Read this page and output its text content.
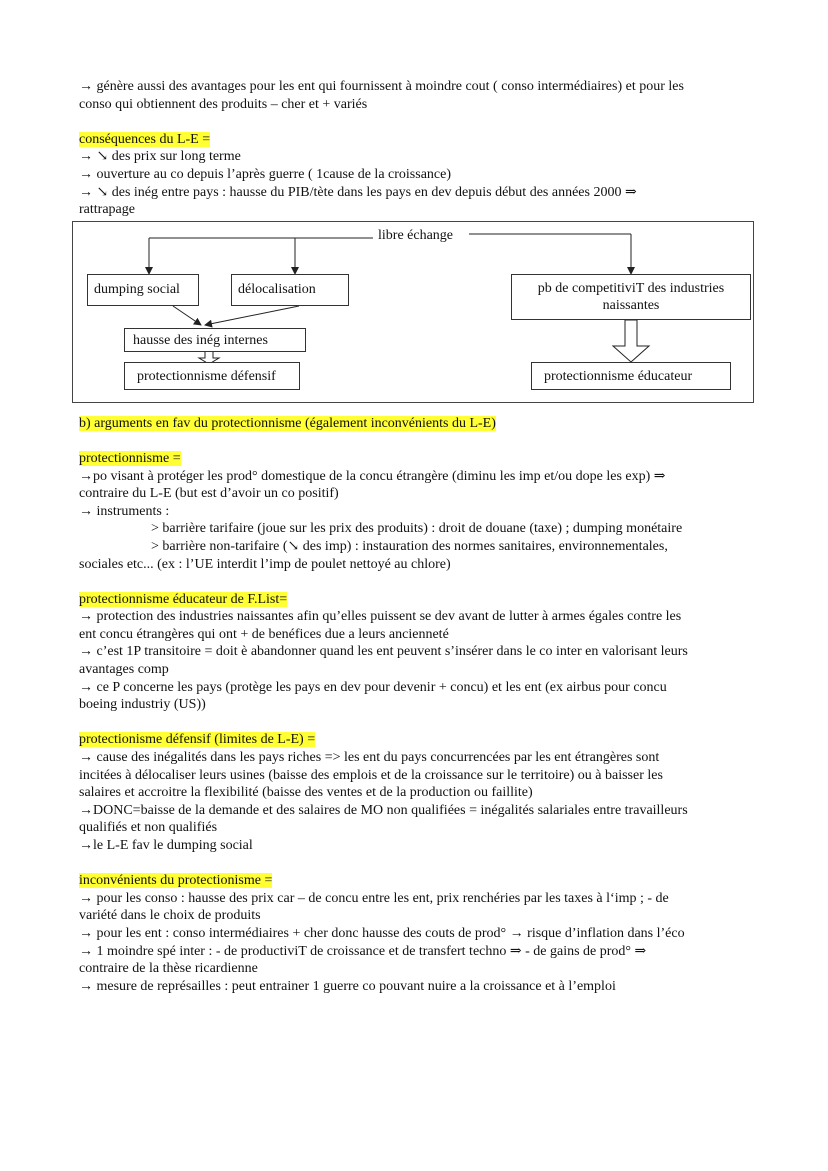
→ génère aussi des avantages pour les ent qui fournissent à moindre cout ( conso intermédiaires) et pour les
conso qui obtiennent des produits – cher et + variés
conséquences du L-E =
→ ↘ des prix sur long terme
→ ouverture au co depuis l’après guerre ( 1cause de la croissance)
→ ↘ des inég entre pays : hausse du PIB/tète dans les pays en dev depuis début des années 2000 ⇒
rattrapage
libre échange
dumping social	délocalisation	pb de competitiviT des industries naissantes
hausse des inég internes
protectionnisme défensif	protectionnisme éducateur
b) arguments en fav du protectionnisme (également inconvénients du L-E)
protectionnisme =
→po visant à protéger les prod° domestique de la concu étrangère (diminu les imp et/ou dope les exp) ⇒
contraire du L-E (but est d’avoir un co positif)
→ instruments :
> barrière tarifaire (joue sur les prix des produits) : droit de douane (taxe) ; dumping monétaire
> barrière non-tarifaire (↘ des imp) : instauration des normes sanitaires, environnementales,
sociales etc... (ex : l’UE interdit l’imp de poulet nettoyé au chlore)
protectionnisme éducateur de F.List=
→ protection des industries naissantes afin qu’elles puissent se dev avant de lutter à armes égales contre les
ent concu étrangères qui ont + de benéfices due a leurs ancienneté
→ c’est 1P transitoire = doit è abandonner quand les ent peuvent s’insérer dans le co inter en valorisant leurs
avantages comp
→ ce P concerne les pays (protège les pays en dev pour devenir + concu) et les ent (ex airbus pour concu
boeing industriy (US))
protectionisme défensif (limites de L-E) =
→ cause des inégalités dans les pays riches => les ent du pays concurrencées par les ent étrangères sont
incitées à délocaliser leurs usines (baisse des emplois et de la croissance sur le territoire) ou à baisser les
salaires et accroitre la flexibilité (baisse des ventes et de la production ou faillite)
→DONC=baisse de la demande et des salaires de MO non qualifiées = inégalités salariales entre travailleurs
qualifiés et non qualifiés
→le L-E fav le dumping social
inconvénients du protectionisme =
→ pour les conso : hausse des prix car – de concu entre les ent, prix renchéries par les taxes à l‘imp ; - de
variété dans le choix de produits
→ pour les ent : conso intermédiaires + cher donc hausse des couts de prod° → risque d’inflation dans l’éco
→ 1 moindre spé inter : - de productiviT de croissance et de transfert techno ⇒ - de gains de prod° ⇒
contraire de la thèse ricardienne
→ mesure de représailles : peut entrainer 1 guerre co pouvant nuire a la croissance et à l’emploi
